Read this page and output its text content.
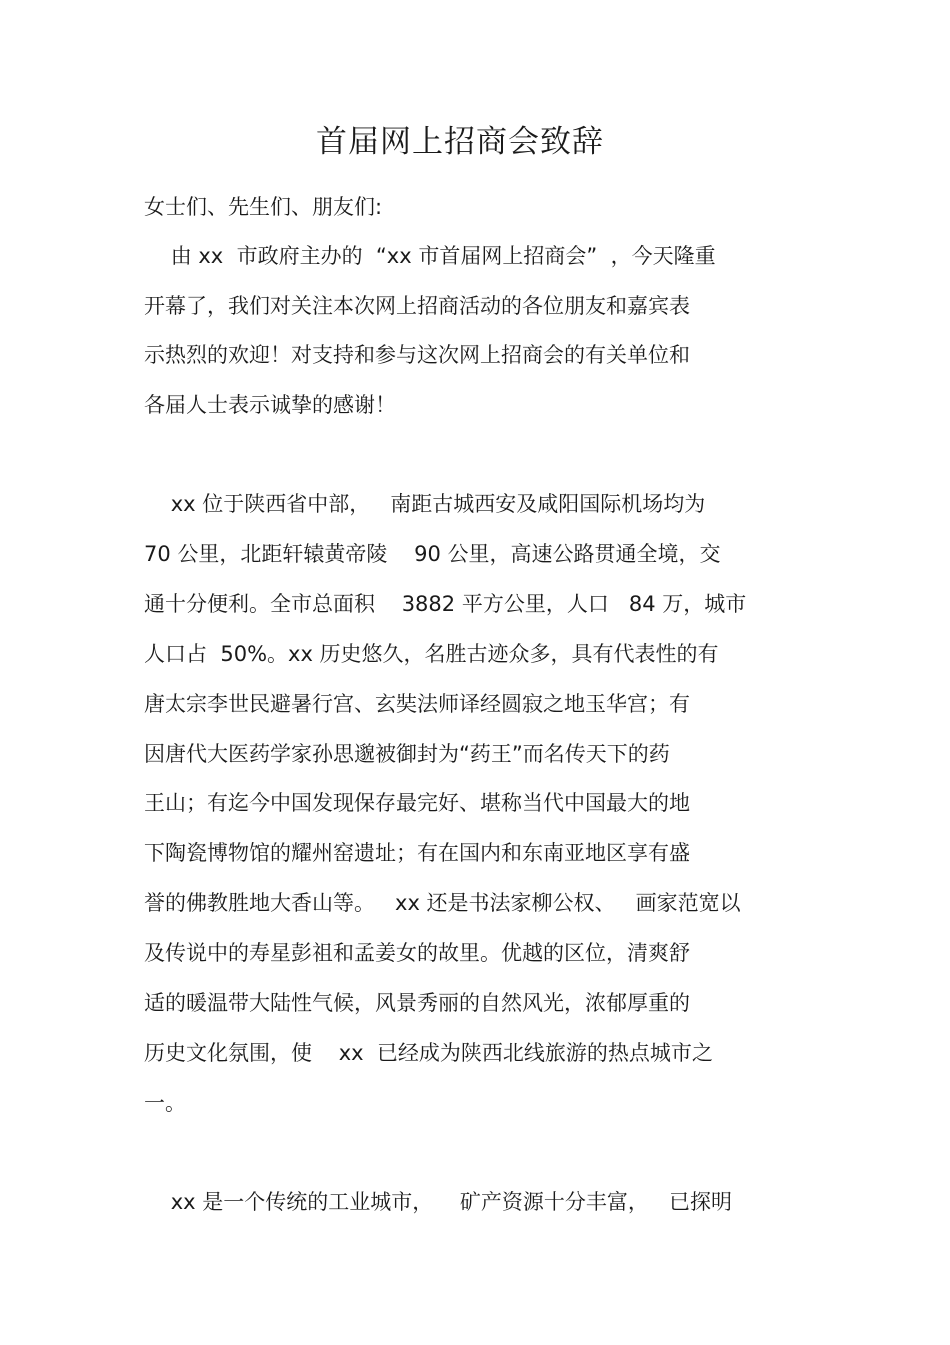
首届网上招商会致辞
女士们、先生们、朋友们:
由 xx  市政府主办的  “xx 市首届网上招商会”  ，今天隆重
开幕了，我们对关注本次网上招商活动的各位朋友和嘉宾表
示热烈的欢迎！对支持和参与这次网上招商会的有关单位和
各届人士表示诚挚的感谢！
xx 位于陕西省中部，   南距古城西安及咸阳国际机场均为
70 公里，北距轩辕黄帝陵    90 公里，高速公路贯通全境，交
通十分便利。全市总面积    3882 平方公里，人口   84 万，城市
人口占  50%。xx 历史悠久，名胜古迹众多，具有代表性的有
唐太宗李世民避暑行宫、玄奘法师译经圆寂之地玉华宫；有
因唐代大医药学家孙思邈被御封为“药王”而名传天下的药
王山；有迄今中国发现保存最完好、堪称当代中国最大的地
下陶瓷博物馆的耀州窑遗址；有在国内和东南亚地区享有盛
誉的佛教胜地大香山等。   xx 还是书法家柳公权、   画家范宽以
及传说中的寿星彭祖和孟姜女的故里。优越的区位，清爽舒
适的暖温带大陆性气候，风景秀丽的自然风光，浓郁厚重的
历史文化氛围，使    xx  已经成为陕西北线旅游的热点城市之
一。
xx 是一个传统的工业城市，    矿产资源十分丰富，   已探明
